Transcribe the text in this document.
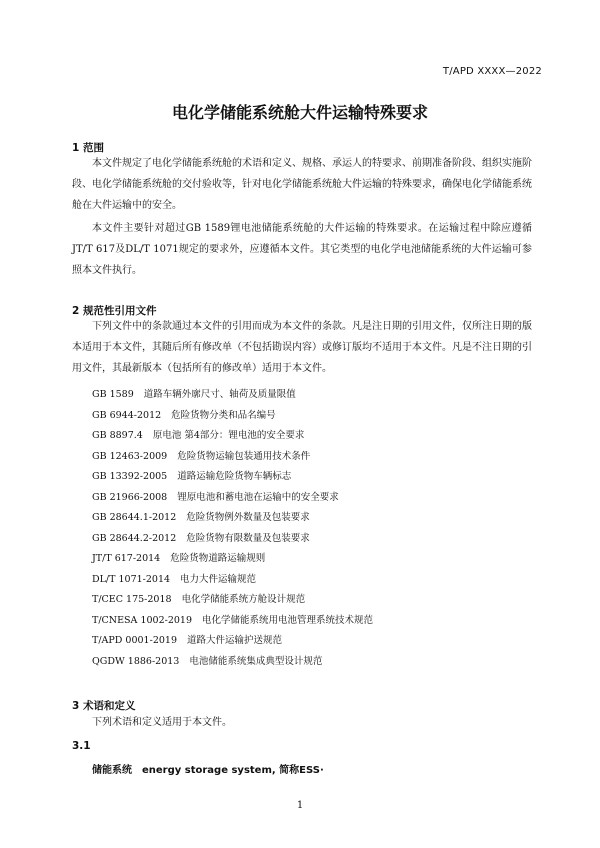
T/APD XXXX—2022
电化学储能系统舱大件运输特殊要求
1 范围

本文件规定了电化学储能系统舱的术语和定义、规格、承运人的特要求、前期准备阶段、组织实施阶段、电化学储能系统舱的交付验收等，针对电化学储能系统舱大件运输的特殊要求，确保电化学储能系统舱在大件运输中的安全。

本文件主要针对超过GB 1589锂电池储能系统舱的大件运输的特殊要求。在运输过程中除应遵循JT/T 617及DL/T 1071规定的要求外，应遵循本文件。其它类型的电化学电池储能系统的大件运输可参照本文件执行。

2 规范性引用文件

下列文件中的条款通过本文件的引用而成为本文件的条款。凡是注日期的引用文件，仅所注日期的版本适用于本文件，其随后所有修改单（不包括勘误内容）或修订版均不适用于本文件。凡是不注日期的引用文件，其最新版本（包括所有的修改单）适用于本文件。

GB 1589 道路车辆外廓尺寸、轴荷及质量限值
GB 6944-2012 危险货物分类和品名编号
GB 8897.4 原电池 第4部分：锂电池的安全要求
GB 12463-2009 危险货物运输包装通用技术条件
GB 13392-2005 道路运输危险货物车辆标志
GB 21966-2008 锂原电池和蓄电池在运输中的安全要求
GB 28644.1-2012 危险货物例外数量及包装要求
GB 28644.2-2012 危险货物有限数量及包装要求
JT/T 617-2014 危险货物道路运输规则
DL/T 1071-2014 电力大件运输规范
T/CEC 175-2018 电化学储能系统方舱设计规范
T/CNESA 1002-2019 电化学储能系统用电池管理系统技术规范
T/APD 0001-2019 道路大件运输护送规范
QGDW 1886-2013 电池储能系统集成典型设计规范
3 术语和定义

下列术语和定义适用于本文件。

3.1
储能系统 energy storage system, 简称ESS·
1
